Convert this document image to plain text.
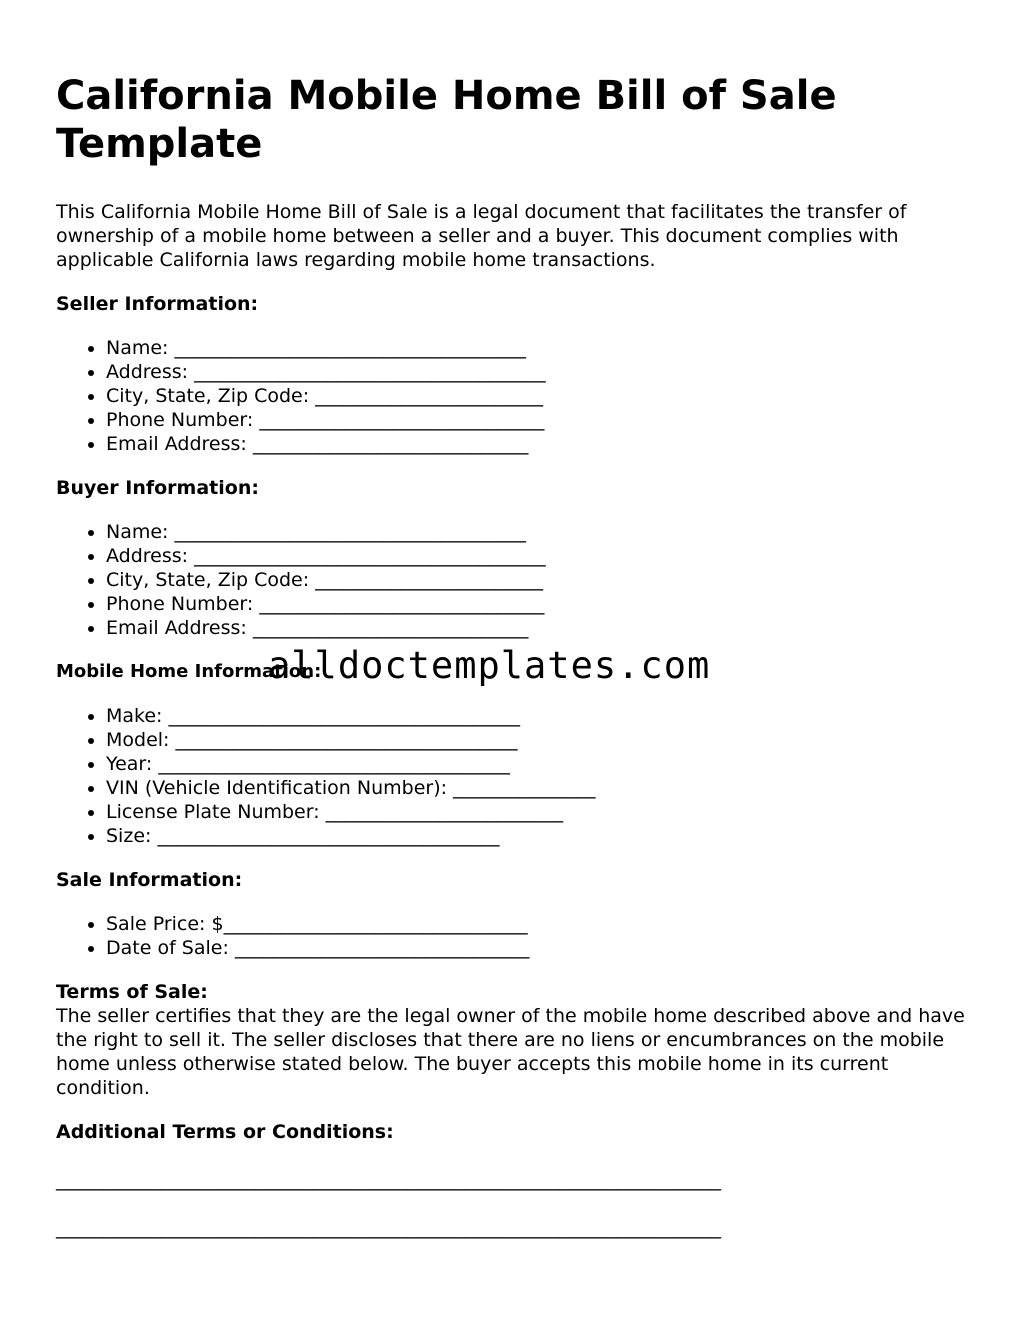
California Mobile Home Bill of Sale Template

This California Mobile Home Bill of Sale is a legal document that facilitates the transfer of ownership of a mobile home between a seller and a buyer. This document complies with applicable California laws regarding mobile home transactions.

Seller Information:
• Name: _____________________________________
• Address: _____________________________________
• City, State, Zip Code: ________________________
• Phone Number: ______________________________
• Email Address: _____________________________
Buyer Information:
• Name: _____________________________________
• Address: _____________________________________
• City, State, Zip Code: ________________________
• Phone Number: ______________________________
• Email Address: _____________________________
Mobile Home Information:
• Make: _____________________________________
• Model: ____________________________________
• Year: _____________________________________
• VIN (Vehicle Identification Number): _______________
• License Plate Number: _________________________
• Size: ____________________________________
Sale Information:
• Sale Price: $________________________________
• Date of Sale: _______________________________
Terms of Sale:

The seller certifies that they are the legal owner of the mobile home described above and have the right to sell it. The seller discloses that there are no liens or encumbrances on the mobile home unless otherwise stated below. The buyer accepts this mobile home in its current condition.

Additional Terms or Conditions:

______________________________________________________________________

______________________________________________________________________

alldoctemplates.com
